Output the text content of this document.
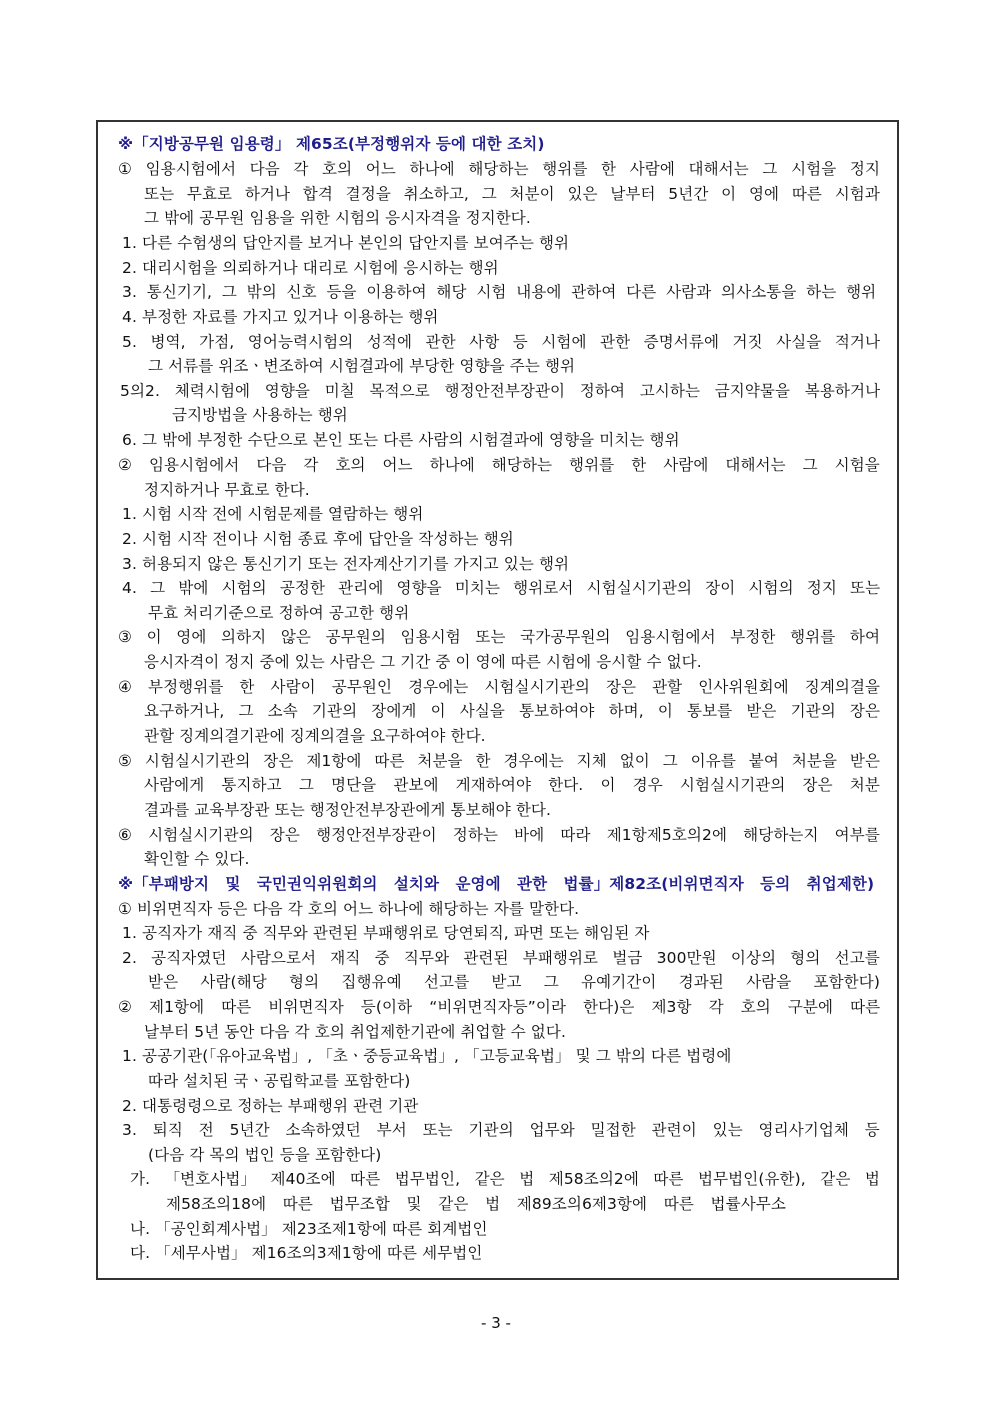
※「지방공무원 임용령」 제65조(부정행위자 등에 대한 조치)
① 임용시험에서 다음 각 호의 어느 하나에 해당하는 행위를 한 사람에 대해서는 그 시험을 정지
또는 무효로 하거나 합격 결정을 취소하고, 그 처분이 있은 날부터 5년간 이 영에 따른 시험과
그 밖에 공무원 임용을 위한 시험의 응시자격을 정지한다.
1. 다른 수험생의 답안지를 보거나 본인의 답안지를 보여주는 행위
2. 대리시험을 의뢰하거나 대리로 시험에 응시하는 행위
3. 통신기기, 그 밖의 신호 등을 이용하여 해당 시험 내용에 관하여 다른 사람과 의사소통을 하는 행위
4. 부정한 자료를 가지고 있거나 이용하는 행위
5. 병역, 가점, 영어능력시험의 성적에 관한 사항 등 시험에 관한 증명서류에 거짓 사실을 적거나
그 서류를 위조ㆍ변조하여 시험결과에 부당한 영향을 주는 행위
5의2. 체력시험에 영향을 미칠 목적으로 행정안전부장관이 정하여 고시하는 금지약물을 복용하거나
금지방법을 사용하는 행위
6. 그 밖에 부정한 수단으로 본인 또는 다른 사람의 시험결과에 영향을 미치는 행위
② 임용시험에서 다음 각 호의 어느 하나에 해당하는 행위를 한 사람에 대해서는 그 시험을
정지하거나 무효로 한다.
1. 시험 시작 전에 시험문제를 열람하는 행위
2. 시험 시작 전이나 시험 종료 후에 답안을 작성하는 행위
3. 허용되지 않은 통신기기 또는 전자계산기기를 가지고 있는 행위
4. 그 밖에 시험의 공정한 관리에 영향을 미치는 행위로서 시험실시기관의 장이 시험의 정지 또는
무효 처리기준으로 정하여 공고한 행위
③ 이 영에 의하지 않은 공무원의 임용시험 또는 국가공무원의 임용시험에서 부정한 행위를 하여
응시자격이 정지 중에 있는 사람은 그 기간 중 이 영에 따른 시험에 응시할 수 없다.
④ 부정행위를 한 사람이 공무원인 경우에는 시험실시기관의 장은 관할 인사위원회에 징계의결을
요구하거나, 그 소속 기관의 장에게 이 사실을 통보하여야 하며, 이 통보를 받은 기관의 장은
관할 징계의결기관에 징계의결을 요구하여야 한다.
⑤ 시험실시기관의 장은 제1항에 따른 처분을 한 경우에는 지체 없이 그 이유를 붙여 처분을 받은
사람에게 통지하고 그 명단을 관보에 게재하여야 한다. 이 경우 시험실시기관의 장은 처분
결과를 교육부장관 또는 행정안전부장관에게 통보해야 한다.
⑥ 시험실시기관의 장은 행정안전부장관이 정하는 바에 따라 제1항제5호의2에 해당하는지 여부를
확인할 수 있다.
※「부패방지 및 국민권익위원회의 설치와 운영에 관한 법률」제82조(비위면직자 등의 취업제한)
① 비위면직자 등은 다음 각 호의 어느 하나에 해당하는 자를 말한다.
1. 공직자가 재직 중 직무와 관련된 부패행위로 당연퇴직, 파면 또는 해임된 자
2. 공직자였던 사람으로서 재직 중 직무와 관련된 부패행위로 벌금 300만원 이상의 형의 선고를
받은 사람(해당 형의 집행유예 선고를 받고 그 유예기간이 경과된 사람을 포함한다)
② 제1항에 따른 비위면직자 등(이하 “비위면직자등”이라 한다)은 제3항 각 호의 구분에 따른
날부터 5년 동안 다음 각 호의 취업제한기관에 취업할 수 없다.
1. 공공기관(「유아교육법」, 「초ㆍ중등교육법」, 「고등교육법」 및 그 밖의 다른 법령에
따라 설치된 국ㆍ공립학교를 포함한다)
2. 대통령령으로 정하는 부패행위 관련 기관
3. 퇴직 전 5년간 소속하였던 부서 또는 기관의 업무와 밀접한 관련이 있는 영리사기업체 등
(다음 각 목의 법인 등을 포함한다)
가. 「변호사법」 제40조에 따른 법무법인, 같은 법 제58조의2에 따른 법무법인(유한), 같은 법
제58조의18에 따른 법무조합 및 같은 법 제89조의6제3항에 따른 법률사무소
나. 「공인회계사법」 제23조제1항에 따른 회계법인
다. 「세무사법」 제16조의3제1항에 따른 세무법인
- 3 -
